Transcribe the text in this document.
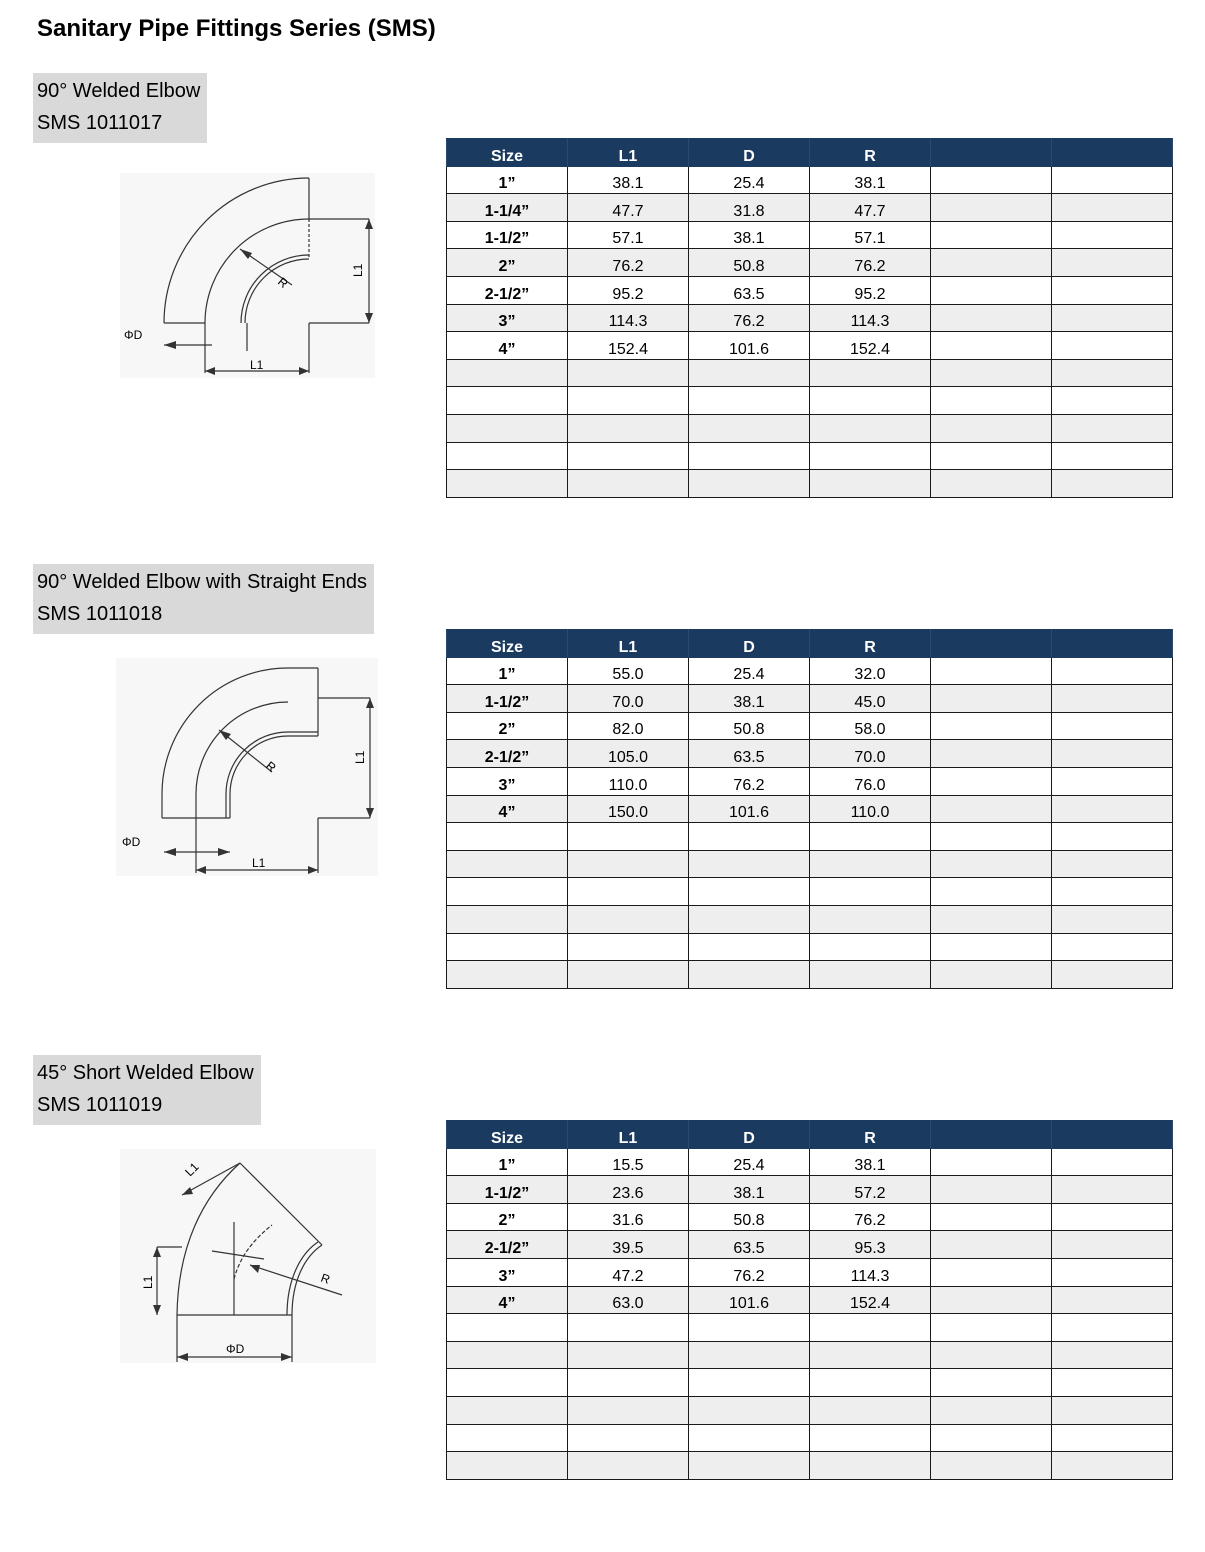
Sanitary Pipe Fittings Series (SMS)
90° Welded Elbow
SMS 1011017
ΦD
L1
L1
R
Size	L1	D	R		
1”	38.1	25.4	38.1		
1-1/4”	47.7	31.8	47.7		
1-1/2”	57.1	38.1	57.1		
2”	76.2	50.8	76.2		
2-1/2”	95.2	63.5	95.2		
3”	114.3	76.2	114.3		
4”	152.4	101.6	152.4		

90° Welded Elbow with Straight Ends
SMS 1011018
ΦD
L1
L1
R
Size	L1	D	R		
1”	55.0	25.4	32.0		
1-1/2”	70.0	38.1	45.0		
2”	82.0	50.8	58.0		
2-1/2”	105.0	63.5	70.0		
3”	110.0	76.2	76.0		
4”	150.0	101.6	110.0		

45° Short Welded Elbow
SMS 1011019
ΦD
L1
L1
R
Size	L1	D	R		
1”	15.5	25.4	38.1		
1-1/2”	23.6	38.1	57.2		
2”	31.6	50.8	76.2		
2-1/2”	39.5	63.5	95.3		
3”	47.2	76.2	114.3		
4”	63.0	101.6	152.4		
